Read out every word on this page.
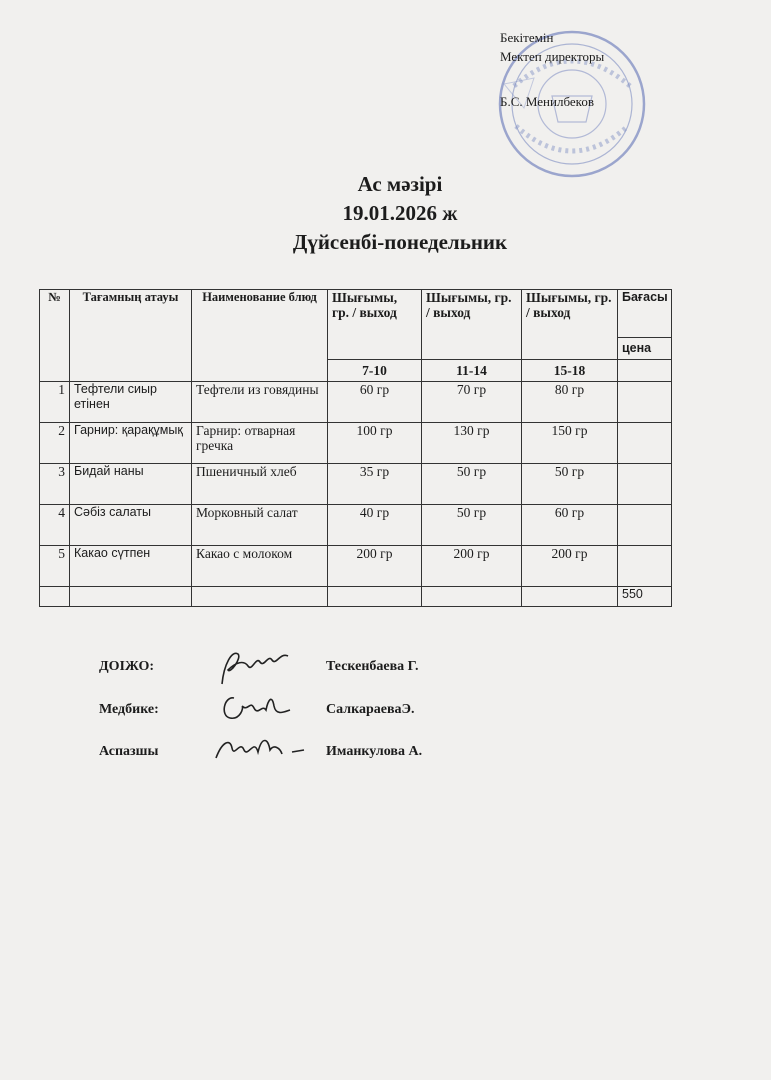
Бекітемін
Мектеп директоры
Б.С. Менилбеков
Ас мәзірі
19.01.2026 ж
Дүйсенбі-понедельник
№	Тағамның атауы	Наименование блюд	Шығымы, гр. / выход	Шығымы, гр. / выход	Шығымы, гр. / выход	Бағасы
						цена
			7-10	11-14	15-18	
1	Тефтели сиыр етінен	Тефтели из говядины	60 гр	70 гр	80 гр	
2	Гарнир: қарақұмық	Гарнир: отварная гречка	100 гр	130 гр	150 гр	
3	Бидай наны	Пшеничный хлеб	35 гр	50 гр	50 гр	
4	Сәбіз салаты	Морковный салат	40 гр	50 гр	60 гр	
5	Какао сүтпен	Какао с молоком	200 гр	200 гр	200 гр	
						550
ДОІЖО:	Тескенбаева Г.
Медбике:	СалкараеваЭ.
Аспазшы	Иманкулова А.
